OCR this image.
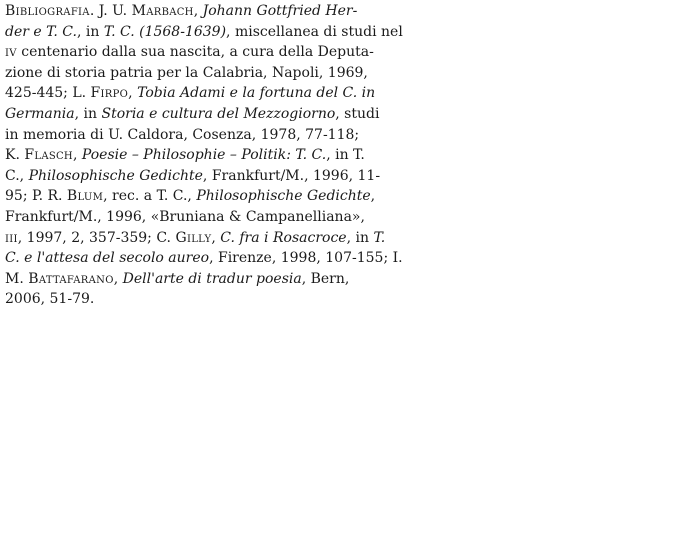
Bibliografia. J. U. Marbach, Johann Gottfried Her-
der e T. C., in T. C. (1568-1639), miscellanea di studi nel
iv centenario dalla sua nascita, a cura della Deputa-
zione di storia patria per la Calabria, Napoli, 1969,
425-445; L. Firpo, Tobia Adami e la fortuna del C. in
Germania, in Storia e cultura del Mezzogiorno, studi
in memoria di U. Caldora, Cosenza, 1978, 77-118;
K. Flasch, Poesie – Philosophie – Politik: T. C., in T.
C., Philosophische Gedichte, Frankfurt/M., 1996, 11-
95; P. R. Blum, rec. a T. C., Philosophische Gedichte,
Frankfurt/M., 1996, «Bruniana & Campanelliana»,
iii, 1997, 2, 357-359; C. Gilly, C. fra i Rosacroce, in T.
C. e l'attesa del secolo aureo, Firenze, 1998, 107-155; I.
M. Battafarano, Dell'arte di tradur poesia, Bern,
2006, 51-79.
